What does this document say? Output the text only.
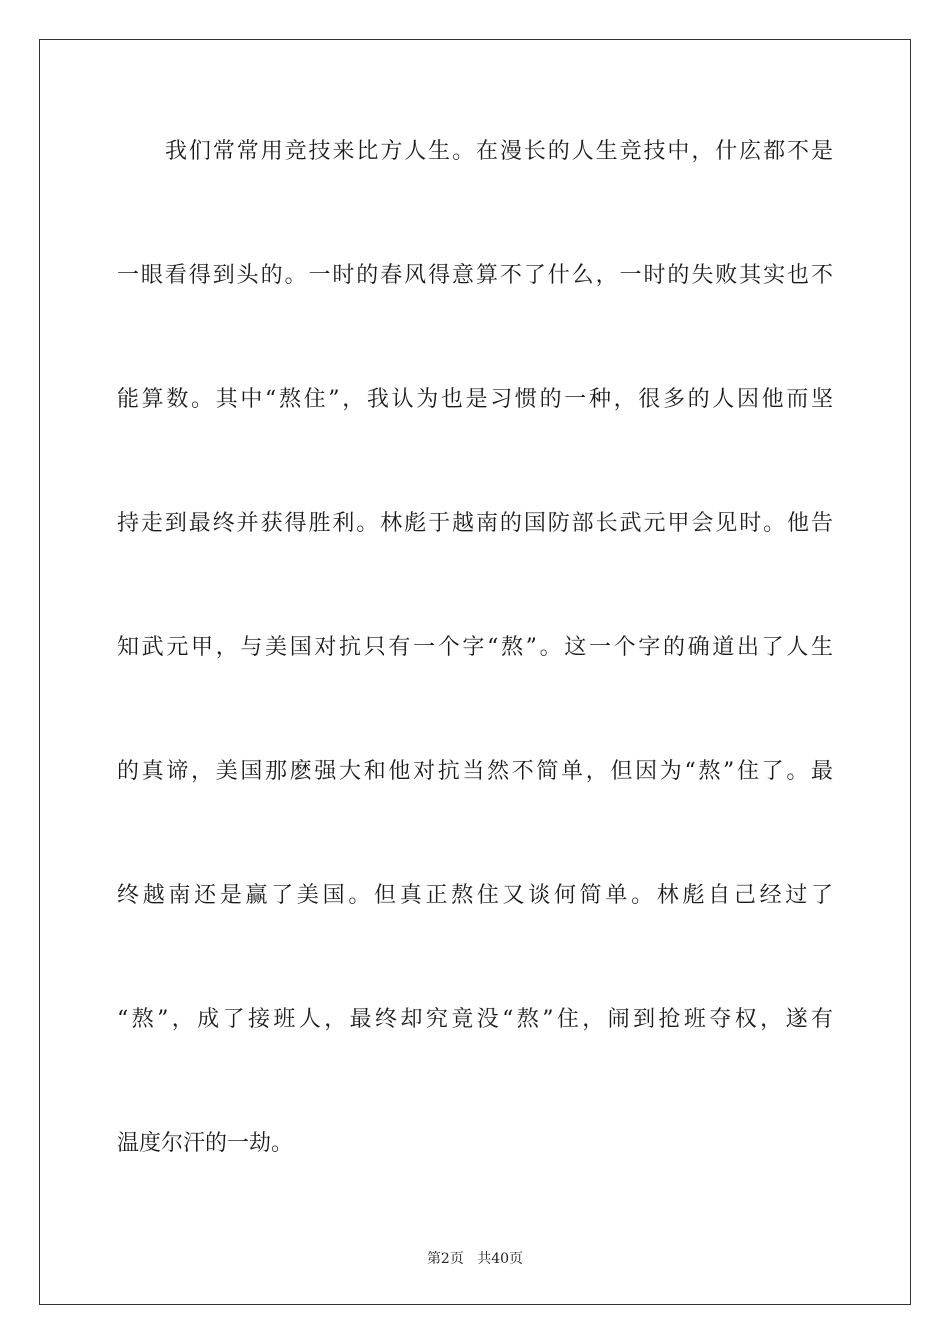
我们常常用竞技来比方人生。在漫长的人生竞技中，什庅都不是
一眼看得到头的。一时的春风得意算不了什么，一时的失败其实也不
能算数。其中“熬住”，我认为也是习惯的一种，很多的人因他而坚
持走到最终并获得胜利。林彪于越南的国防部长武元甲会见时。他告
知武元甲，与美国对抗只有一个字“熬”。这一个字的确道出了人生
的真谛，美国那麽强大和他对抗当然不简单，但因为“熬”住了。最
终越南还是赢了美国。但真正熬住又谈何简单。林彪自己经过了
“熬”，成了接班人，最终却究竟没“熬”住，闹到抢班夺权，遂有
温度尔汗的一劫。
第2页 共40页
